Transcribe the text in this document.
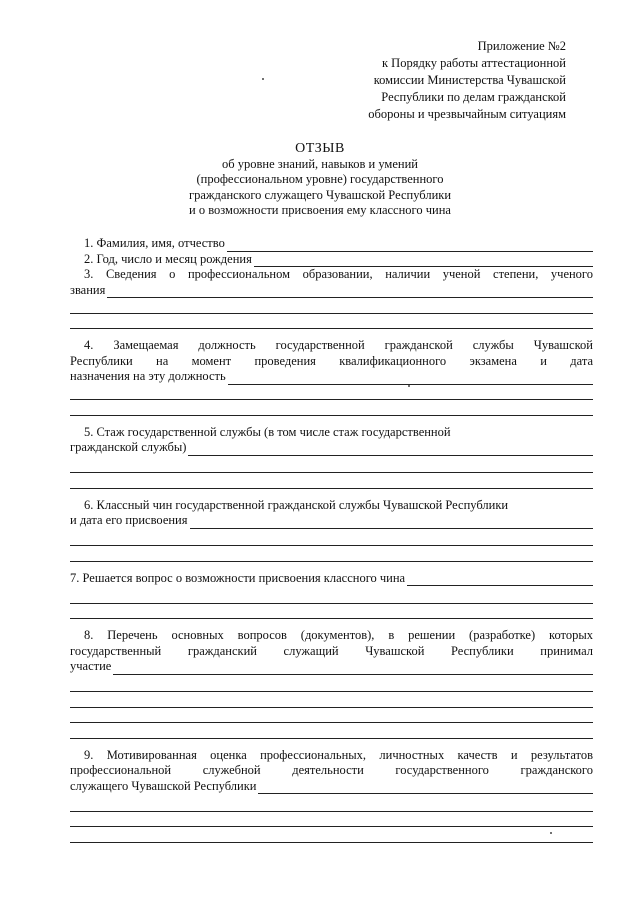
Приложение №2
к Порядку работы аттестационной
комиссии Министерства Чувашской
Республики по делам гражданской
обороны и чрезвычайным ситуациям
ОТЗЫВ
об уровне знаний, навыков и умений
(профессиональном уровне) государственного
гражданского служащего Чувашской Республики
и о возможности присвоения ему классного чина
1. Фамилия, имя, отчество
2. Год, число и месяц рождения
3. Сведения о профессиональном образовании, наличии ученой степени, ученого
звания
4. Замещаемая должность государственной гражданской службы Чувашской
Республики на момент проведения квалификационного экзамена и дата
назначения на эту должность
5. Стаж государственной службы (в том числе стаж государственной
гражданской службы)
6. Классный чин государственной гражданской службы Чувашской Республики
и дата его присвоения
7. Решается вопрос о возможности присвоения классного чина
8. Перечень основных вопросов (документов), в решении (разработке) которых
государственный гражданский служащий Чувашской Республики принимал
участие
9. Мотивированная оценка профессиональных, личностных качеств и результатов
профессиональной служебной деятельности государственного гражданского
служащего Чувашской Республики
